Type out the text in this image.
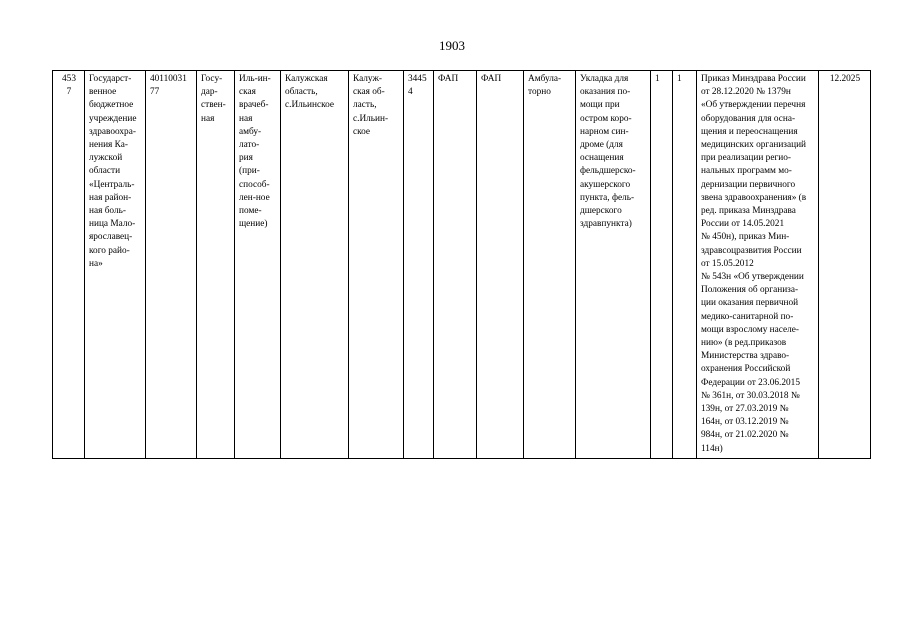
1903
453
7	Государст-
венное
бюджетное
учреждение
здравоохра-
нения Ка-
лужской
области
«Централь-
ная район-
ная боль-
ница Мало-
ярославец-
кого райо-
на»	40110031
77	Госу-
дар-
ствен-
ная	Иль-ин-
ская
врачеб-
ная
амбу-
лато-
рия
(при-
способ-
лен-ное
поме-
щение)	Калужская
область,
с.Ильинское	Калуж-
ская об-
ласть,
с.Ильин-
ское	3445
4	ФАП	ФАП	Амбула-
торно	Укладка для
оказания по-
мощи при
остром коро-
нарном син-
дроме (для
оснащения
фельдшерско-
акушерского
пункта, фель-
дшерского
здравпункта)	1	1	Приказ Минздрава России
от 28.12.2020 № 1379н
«Об утверждении перечня
оборудования для осна-
щения и переоснащения
медицинских организаций
при реализации регио-
нальных программ мо-
дернизации первичного
звена здравоохранения» (в
ред. приказа Минздрава
России от 14.05.2021
№ 450н), приказ Мин-
здравсоцразвития России
от 15.05.2012
№ 543н «Об утверждении
Положения об организа-
ции оказания первичной
медико-санитарной по-
мощи взрослому населе-
нию» (в ред.приказов
Министерства здраво-
охранения Российской
Федерации от 23.06.2015
№ 361н, от 30.03.2018 №
139н, от 27.03.2019 №
164н, от 03.12.2019 №
984н, от 21.02.2020 №
114н)	12.2025
